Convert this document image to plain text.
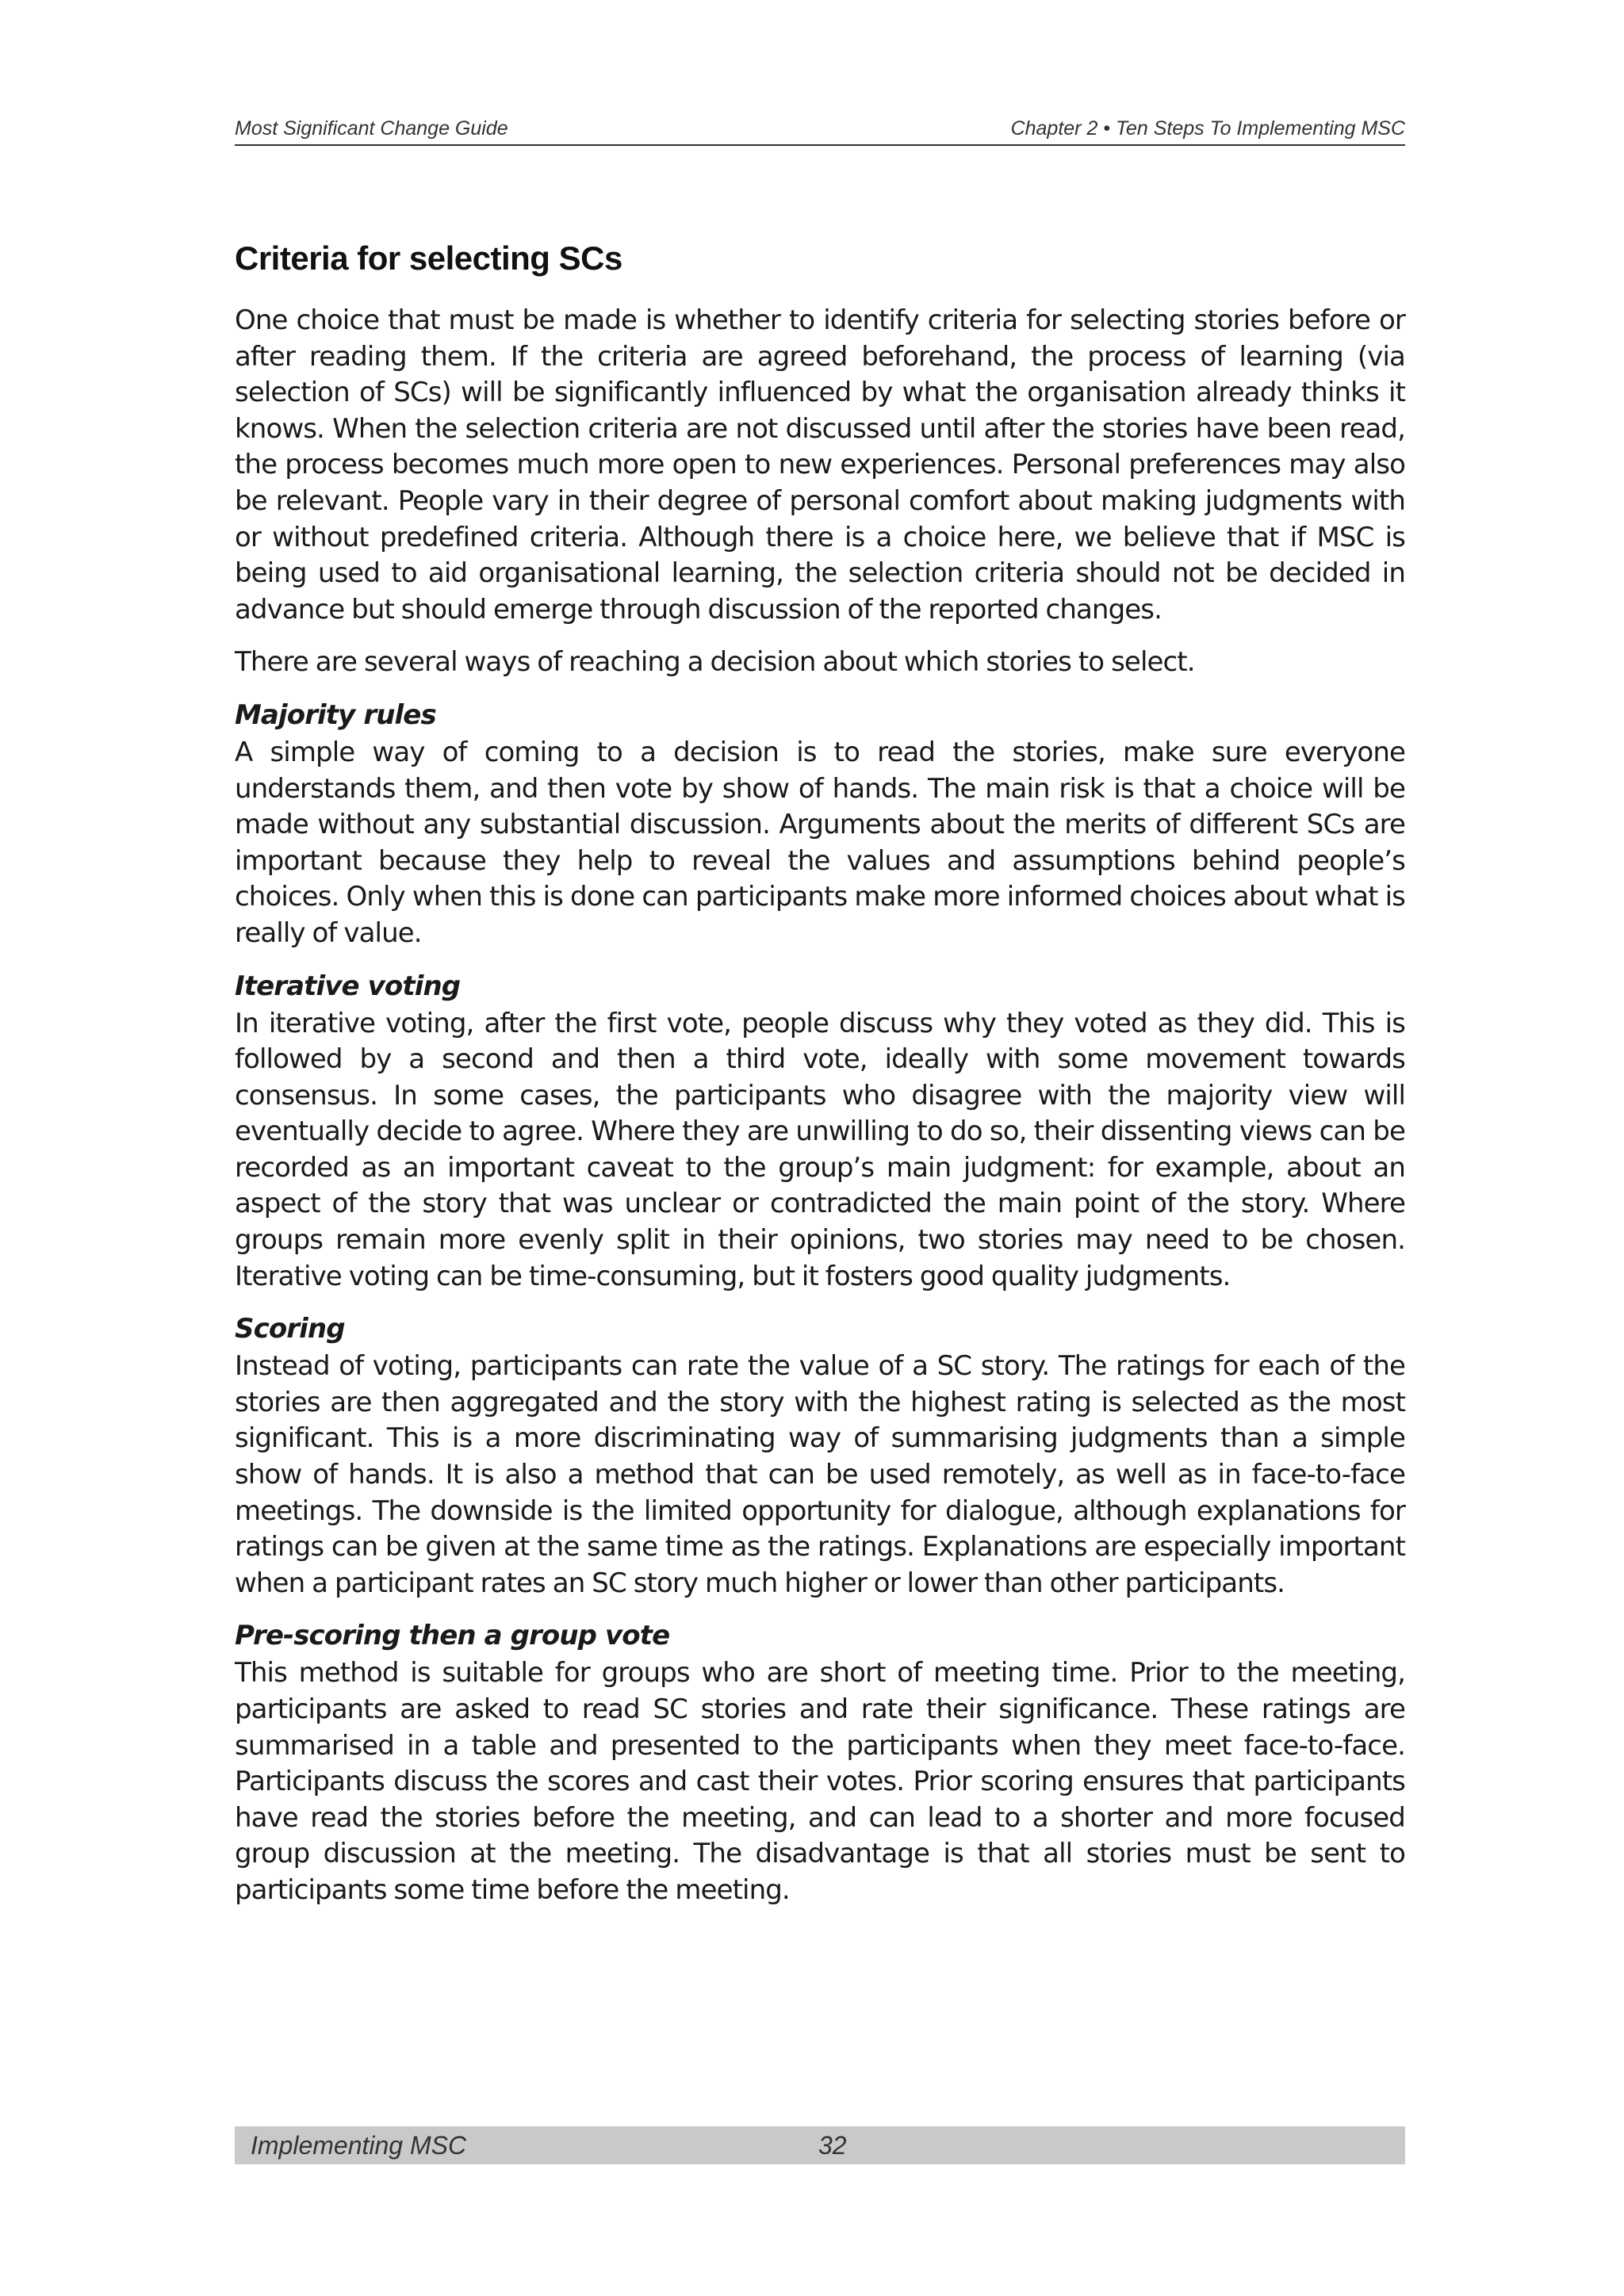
Most Significant Change Guide	Chapter 2 • Ten Steps To Implementing MSC
Criteria for selecting SCs

One choice that must be made is whether to identify criteria for selecting stories before or after reading them. If the criteria are agreed beforehand, the process of learning (via selection of SCs) will be significantly influenced by what the organisation already thinks it knows. When the selection criteria are not discussed until after the stories have been read, the process becomes much more open to new experiences. Personal preferences may also be relevant. People vary in their degree of personal comfort about making judgments with or without predefined criteria. Although there is a choice here, we believe that if MSC is being used to aid organisational learning, the selection criteria should not be decided in advance but should emerge through discussion of the reported changes.

There are several ways of reaching a decision about which stories to select.

Majority rules

A simple way of coming to a decision is to read the stories, make sure everyone understands them, and then vote by show of hands. The main risk is that a choice will be made without any substantial discussion. Arguments about the merits of different SCs are important because they help to reveal the values and assumptions behind people’s choices. Only when this is done can participants make more informed choices about what is really of value.

Iterative voting

In iterative voting, after the first vote, people discuss why they voted as they did. This is followed by a second and then a third vote, ideally with some movement towards consensus. In some cases, the participants who disagree with the majority view will eventually decide to agree. Where they are unwilling to do so, their dissenting views can be recorded as an important caveat to the group’s main judgment: for example, about an aspect of the story that was unclear or contradicted the main point of the story. Where groups remain more evenly split in their opinions, two stories may need to be chosen. Iterative voting can be time-consuming, but it fosters good quality judgments.

Scoring

Instead of voting, participants can rate the value of a SC story. The ratings for each of the stories are then aggregated and the story with the highest rating is selected as the most significant. This is a more discriminating way of summarising judgments than a simple show of hands. It is also a method that can be used remotely, as well as in face-to-face meetings. The downside is the limited opportunity for dialogue, although explanations for ratings can be given at the same time as the ratings. Explanations are especially important when a participant rates an SC story much higher or lower than other participants.

Pre-scoring then a group vote

This method is suitable for groups who are short of meeting time. Prior to the meeting, participants are asked to read SC stories and rate their significance. These ratings are summarised in a table and presented to the participants when they meet face-to-face. Participants discuss the scores and cast their votes. Prior scoring ensures that participants have read the stories before the meeting, and can lead to a shorter and more focused group discussion at the meeting. The disadvantage is that all stories must be sent to participants some time before the meeting.

Implementing MSC	32
